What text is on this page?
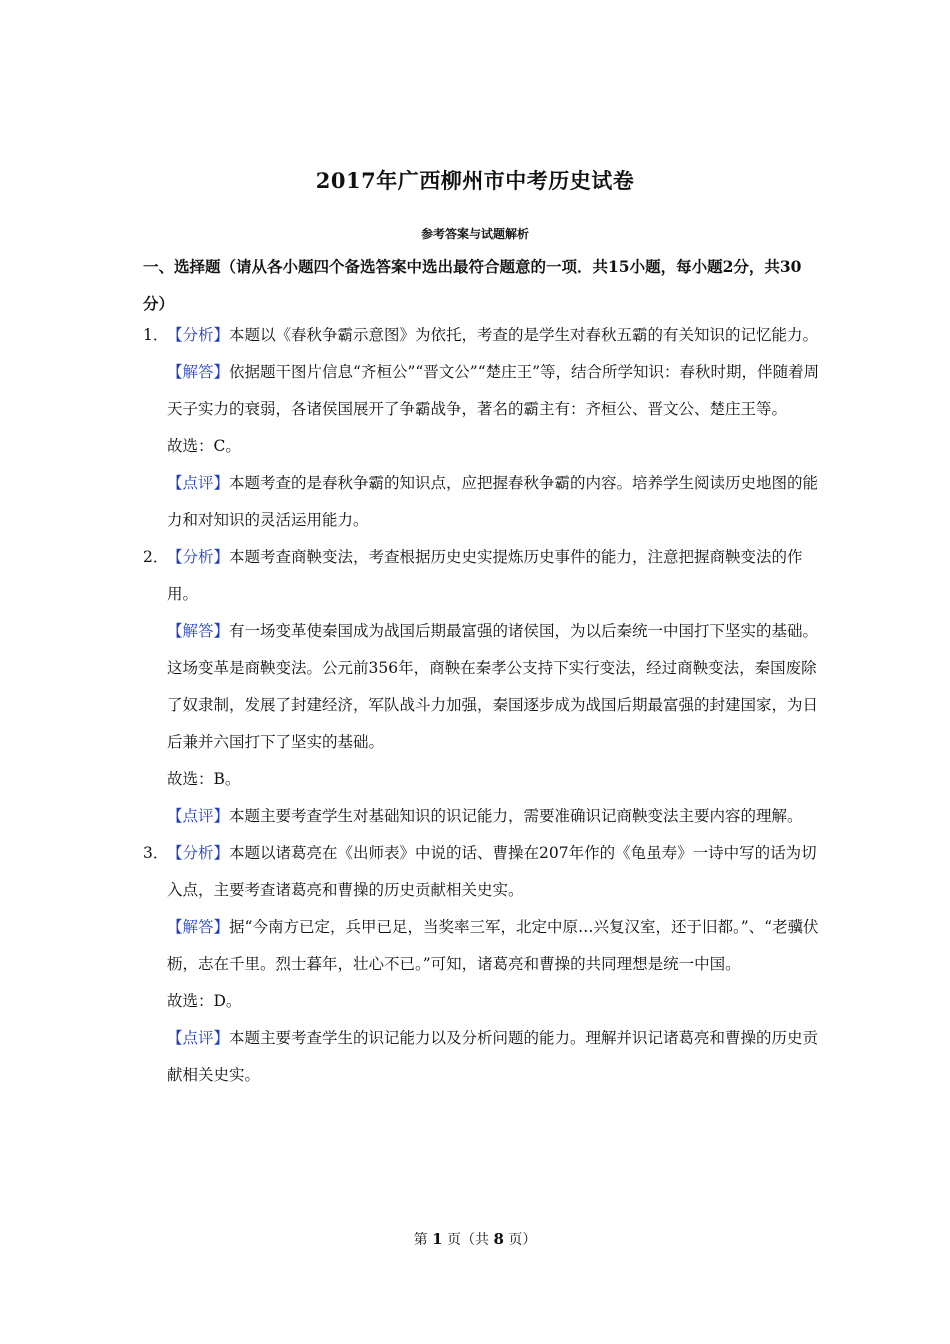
2017年广西柳州市中考历史试卷
参考答案与试题解析
一、选择题（请从各小题四个备选答案中选出最符合题意的一项．共15小题，每小题2分，共30分）
1．
【分析】本题以《春秋争霸示意图》为依托，考查的是学生对春秋五霸的有关知识的记忆能力。
【解答】依据题干图片信息“齐桓公”“晋文公”“楚庄王”等，结合所学知识：春秋时期，伴随着周天子实力的衰弱，各诸侯国展开了争霸战争，著名的霸主有：齐桓公、晋文公、楚庄王等。
故选：C。
【点评】本题考查的是春秋争霸的知识点，应把握春秋争霸的内容。培养学生阅读历史地图的能力和对知识的灵活运用能力。
2．
【分析】本题考查商鞅变法，考查根据历史史实提炼历史事件的能力，注意把握商鞅变法的作用。
【解答】有一场变革使秦国成为战国后期最富强的诸侯国，为以后秦统一中国打下坚实的基础。这场变革是商鞅变法。公元前356年，商鞅在秦孝公支持下实行变法，经过商鞅变法，秦国废除了奴隶制，发展了封建经济，军队战斗力加强，秦国逐步成为战国后期最富强的封建国家，为日后兼并六国打下了坚实的基础。
故选：B。
【点评】本题主要考查学生对基础知识的识记能力，需要准确识记商鞅变法主要内容的理解。
3．
【分析】本题以诸葛亮在《出师表》中说的话、曹操在207年作的《龟虽寿》一诗中写的话为切入点，主要考查诸葛亮和曹操的历史贡献相关史实。
【解答】据“今南方已定，兵甲已足，当奖率三军，北定中原…兴复汉室，还于旧都。”、“老骥伏枥，志在千里。烈士暮年，壮心不已。”可知，诸葛亮和曹操的共同理想是统一中国。
故选：D。
【点评】本题主要考查学生的识记能力以及分析问题的能力。理解并识记诸葛亮和曹操的历史贡献相关史实。
第 1 页（共 8 页）
